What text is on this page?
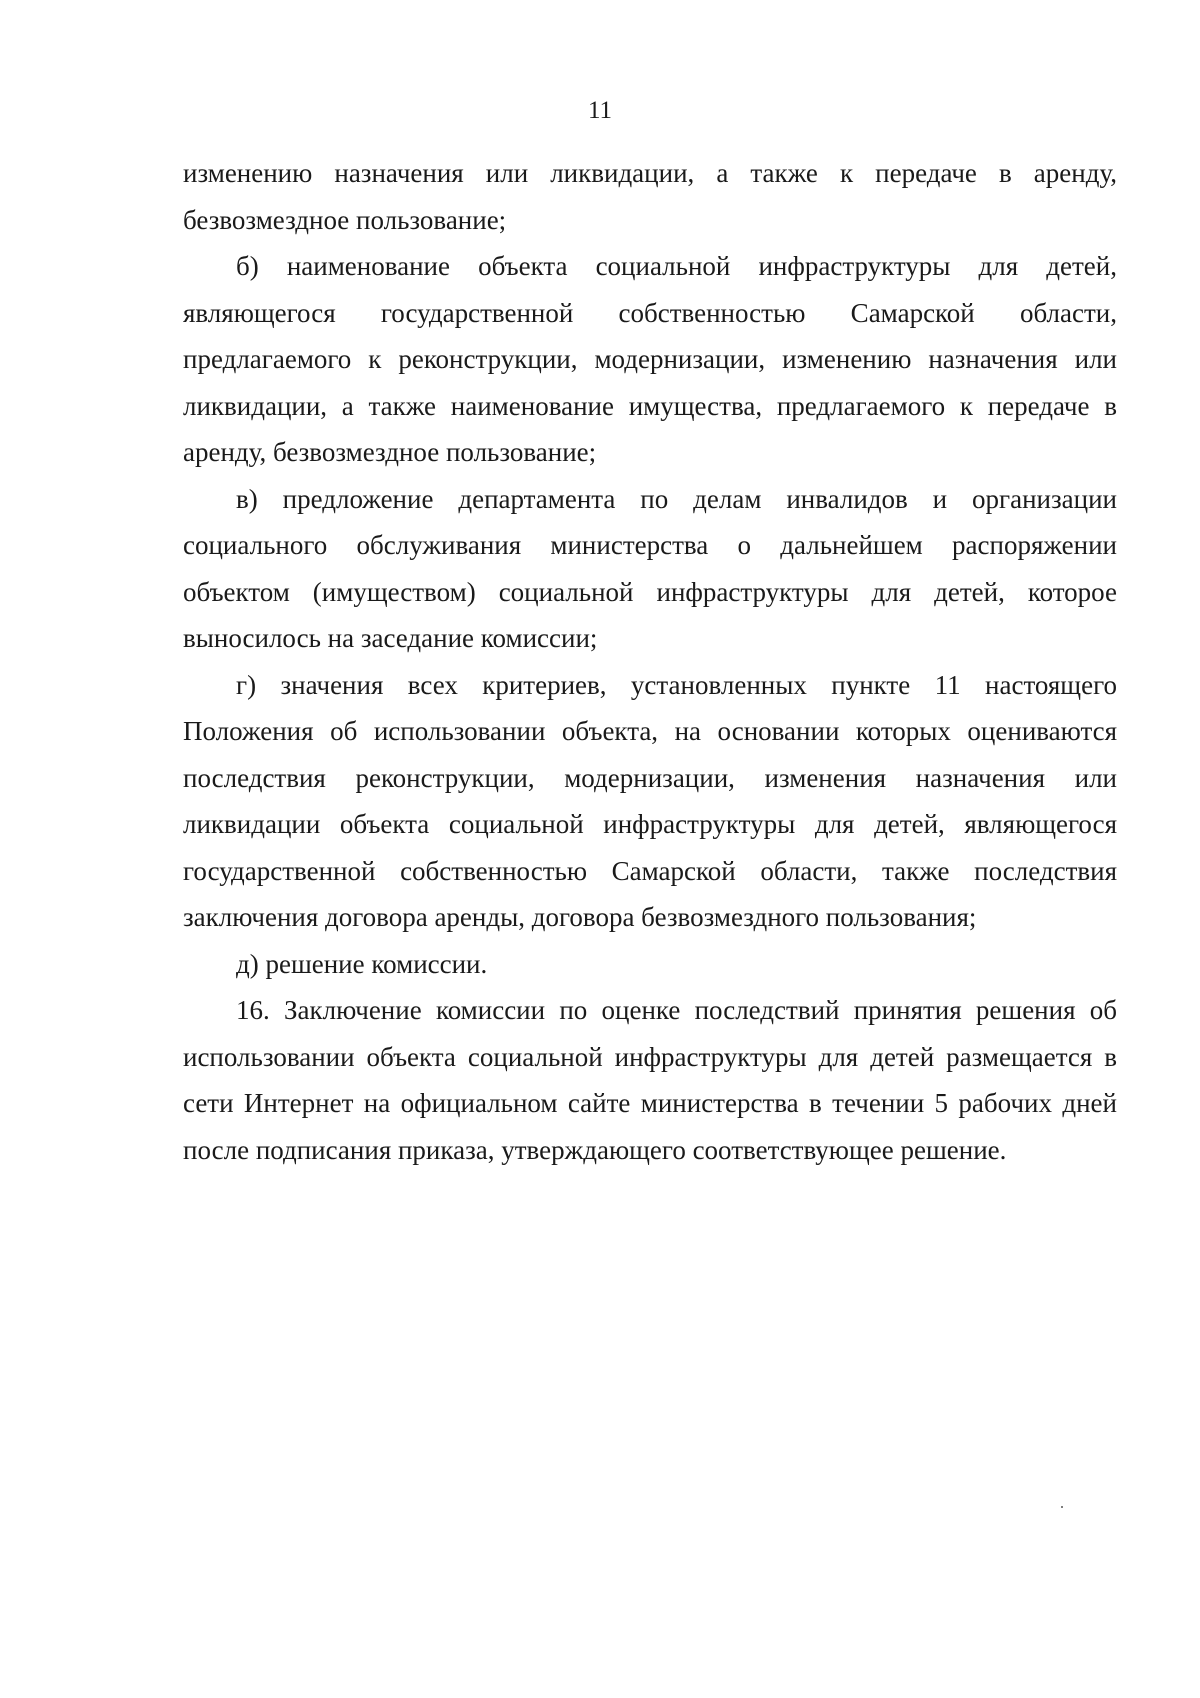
11

изменению назначения или ликвидации, а также к передаче в аренду, безвозмездное пользование;

б) наименование объекта социальной инфраструктуры для детей, являющегося государственной собственностью Самарской области, предлагаемого к реконструкции, модернизации, изменению назначения или ликвидации, а также наименование имущества, предлагаемого к передаче в аренду, безвозмездное пользование;

в) предложение департамента по делам инвалидов и организации социального обслуживания министерства о дальнейшем распоряжении объектом (имуществом) социальной инфраструктуры для детей, которое выносилось на заседание комиссии;

г) значения всех критериев, установленных пункте 11 настоящего Положения об использовании объекта, на основании которых оцениваются последствия реконструкции, модернизации, изменения назначения или ликвидации объекта социальной инфраструктуры для детей, являющегося государственной собственностью Самарской области, также последствия заключения договора аренды, договора безвозмездного пользования;

д) решение комиссии.

16. Заключение комиссии по оценке последствий принятия решения об использовании объекта социальной инфраструктуры для детей размещается в сети Интернет на официальном сайте министерства в течении 5 рабочих дней после подписания приказа, утверждающего соответствующее решение.
